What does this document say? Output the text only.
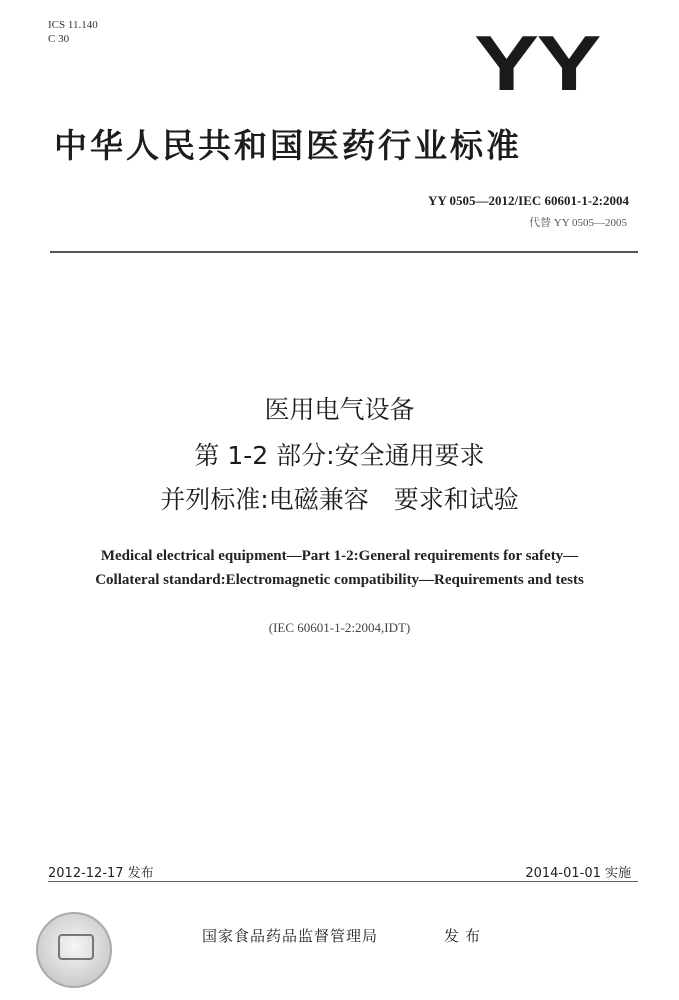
ICS 11.140
C 30	YY
中华人民共和国医药行业标准
YY 0505—2012/IEC 60601-1-2:2004
代替 YY 0505—2005
医用电气设备
第 1-2 部分:安全通用要求
并列标准:电磁兼容　要求和试验
Medical electrical equipment—Part 1-2:General requirements for safety—
Collateral standard:Electromagnetic compatibility—Requirements and tests
(IEC 60601-1-2:2004,IDT)
2012-12-17 发布	2014-01-01 实施
国家食品药品监督管理局	发布
